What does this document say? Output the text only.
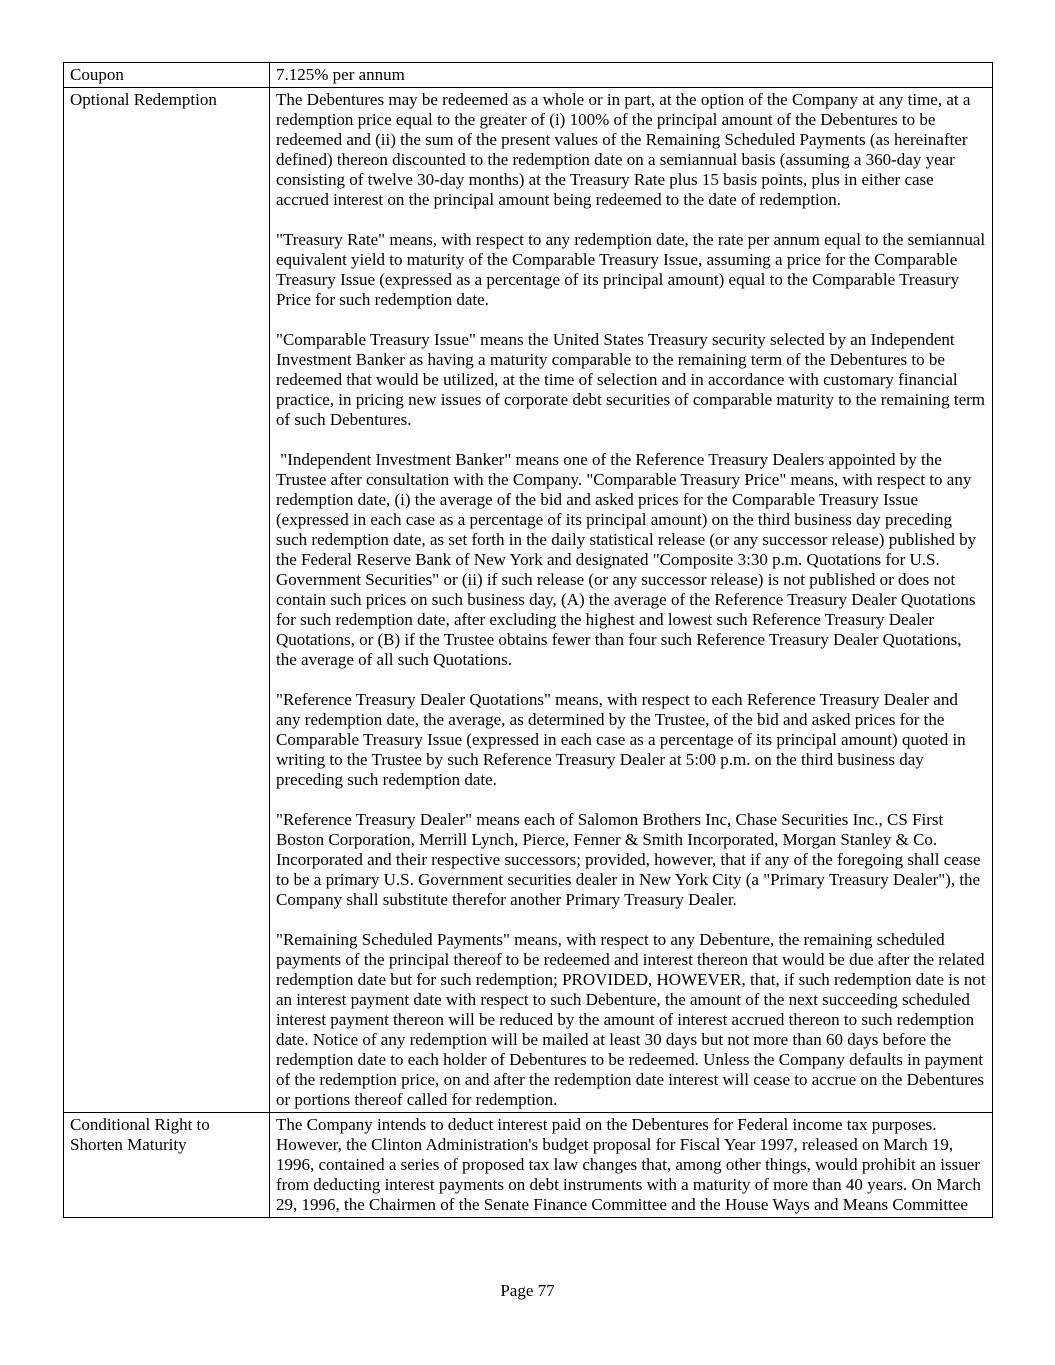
Coupon	7.125% per annum

Optional Redemption	The Debentures may be redeemed as a whole or in part, at the option of the Company at any time, at a redemption price equal to the greater of (i) 100% of the principal amount of the Debentures to be redeemed and (ii) the sum of the present values of the Remaining Scheduled Payments (as hereinafter defined) thereon discounted to the redemption date on a semiannual basis (assuming a 360-day year consisting of twelve 30-day months) at the Treasury Rate plus 15 basis points, plus in either case accrued interest on the principal amount being redeemed to the date of redemption.

"Treasury Rate" means, with respect to any redemption date, the rate per annum equal to the semiannual equivalent yield to maturity of the Comparable Treasury Issue, assuming a price for the Comparable Treasury Issue (expressed as a percentage of its principal amount) equal to the Comparable Treasury Price for such redemption date.

"Comparable Treasury Issue" means the United States Treasury security selected by an Independent Investment Banker as having a maturity comparable to the remaining term of the Debentures to be redeemed that would be utilized, at the time of selection and in accordance with customary financial practice, in pricing new issues of corporate debt securities of comparable maturity to the remaining term of such Debentures.

"Independent Investment Banker" means one of the Reference Treasury Dealers appointed by the Trustee after consultation with the Company. "Comparable Treasury Price" means, with respect to any redemption date, (i) the average of the bid and asked prices for the Comparable Treasury Issue (expressed in each case as a percentage of its principal amount) on the third business day preceding such redemption date, as set forth in the daily statistical release (or any successor release) published by the Federal Reserve Bank of New York and designated "Composite 3:30 p.m. Quotations for U.S. Government Securities" or (ii) if such release (or any successor release) is not published or does not contain such prices on such business day, (A) the average of the Reference Treasury Dealer Quotations for such redemption date, after excluding the highest and lowest such Reference Treasury Dealer Quotations, or (B) if the Trustee obtains fewer than four such Reference Treasury Dealer Quotations, the average of all such Quotations.

"Reference Treasury Dealer Quotations" means, with respect to each Reference Treasury Dealer and any redemption date, the average, as determined by the Trustee, of the bid and asked prices for the Comparable Treasury Issue (expressed in each case as a percentage of its principal amount) quoted in writing to the Trustee by such Reference Treasury Dealer at 5:00 p.m. on the third business day preceding such redemption date.

"Reference Treasury Dealer" means each of Salomon Brothers Inc, Chase Securities Inc., CS First Boston Corporation, Merrill Lynch, Pierce, Fenner & Smith Incorporated, Morgan Stanley & Co. Incorporated and their respective successors; provided, however, that if any of the foregoing shall cease to be a primary U.S. Government securities dealer in New York City (a "Primary Treasury Dealer"), the Company shall substitute therefor another Primary Treasury Dealer.

"Remaining Scheduled Payments" means, with respect to any Debenture, the remaining scheduled payments of the principal thereof to be redeemed and interest thereon that would be due after the related redemption date but for such redemption; PROVIDED, HOWEVER, that, if such redemption date is not an interest payment date with respect to such Debenture, the amount of the next succeeding scheduled interest payment thereon will be reduced by the amount of interest accrued thereon to such redemption date. Notice of any redemption will be mailed at least 30 days but not more than 60 days before the redemption date to each holder of Debentures to be redeemed. Unless the Company defaults in payment of the redemption price, on and after the redemption date interest will cease to accrue on the Debentures or portions thereof called for redemption.

Conditional Right to Shorten Maturity	The Company intends to deduct interest paid on the Debentures for Federal income tax purposes. However, the Clinton Administration's budget proposal for Fiscal Year 1997, released on March 19, 1996, contained a series of proposed tax law changes that, among other things, would prohibit an issuer from deducting interest payments on debt instruments with a maturity of more than 40 years. On March 29, 1996, the Chairmen of the Senate Finance Committee and the House Ways and Means Committee

Page 77
